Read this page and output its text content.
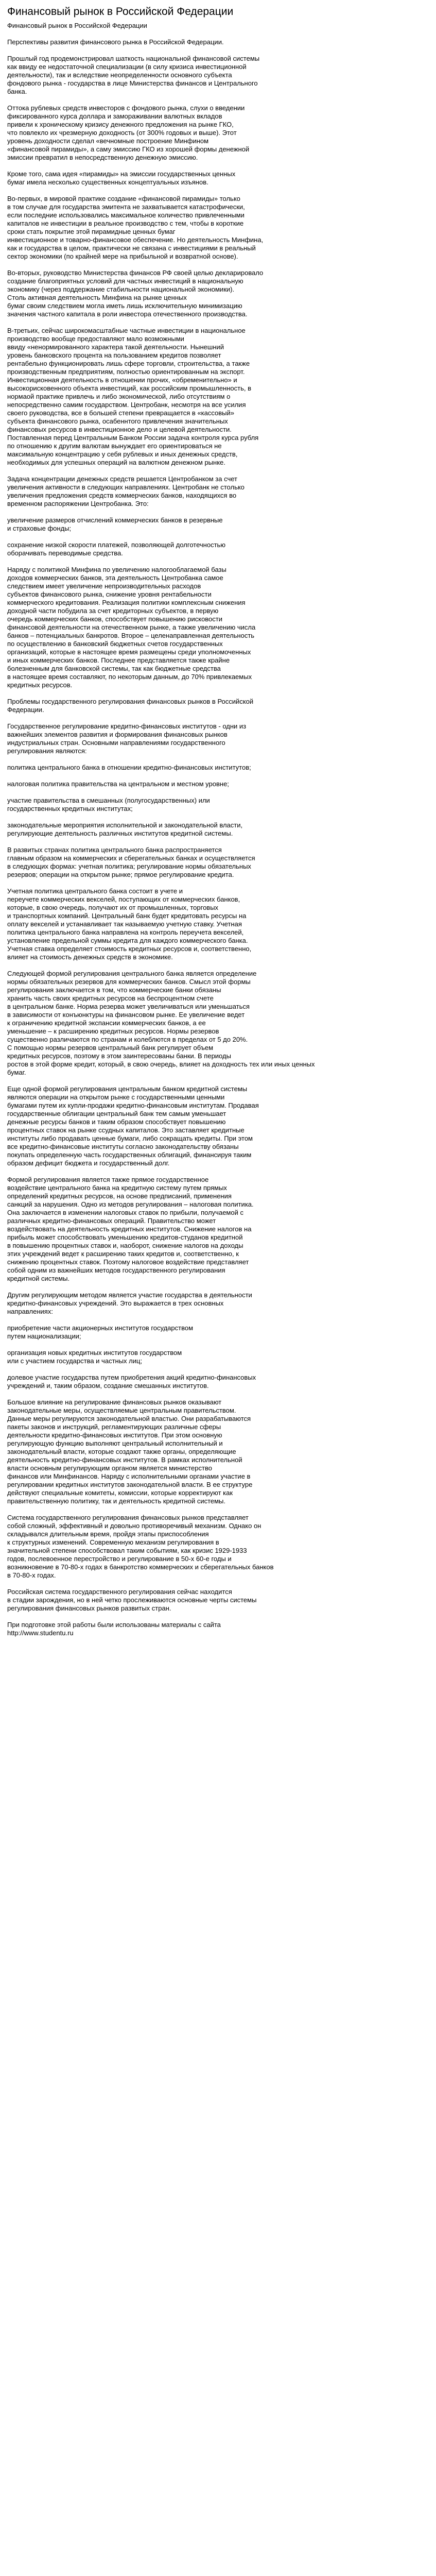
Финансовый рынок в Российской Федерации
Финансовый рынок в Российской Федерации
Перспективы развития финансового рынка в Российской Федерации.
Прошлый год продемонстрировал шаткость национальной финансовой системы
как ввиду ее недостаточной специализации (в силу кризиса инвестиционной
деятельности), так и вследствие неопределенности основного субъекта
фондового рынка - государства в лице Министерства финансов и Центрального
банка.
Оттока рублевых средств инвесторов с фондового рынка, слухи о введении
фиксированного курса доллара и замораживании валютных вкладов
привели к хроническому кризису денежного предложения на рынке ГКО,
что повлекло их чрезмерную доходность (от 300% годовых и выше). Этот
уровень доходности сделал «вечномные построение Минфином
«финансовой пирамиды», а саму эмиссию ГКО из хорошей формы денежной
эмиссии превратил в непосредственную денежную эмиссию.
Кроме того, сама идея «пирамиды» на эмиссии государственных ценных
бумаг имела несколько существенных концептуальных изъянов.
Во-первых, в мировой практике создание «финансовой пирамиды» только
в том случае для государства эмитента не захватывается катастрофически,
если последние использовались максимальное количество привлеченными
капиталов не инвестиции в реальное производство с тем, чтобы в короткие
сроки стать покрытие этой пирамидные ценных бумаг
инвестиционное и товарно-финансовое обеспечение. Но деятельность Минфина,
как и государства в целом, практически не связана с инвестициями в реальный
сектор экономики (по крайней мере на прибыльной и возвратной основе).
Во-вторых, руководство Министерства финансов РФ своей целью декларировало
создание благоприятных условий для частных инвестиций в национальную
экономику (через поддержание стабильности национальной экономики).
Столь активная деятельность Минфина на рынке ценных
бумаг своим следствием могла иметь лишь исключительную минимизацию
значения частного капитала в роли инвестора отечественного производства.
В-третьих, сейчас широкомасштабные частные инвестиции в национальное
производство вообще предоставляют мало возможными
ввиду «ненормированного характера такой деятельности. Нынешний
уровень банковского процента на пользованием кредитов позволяет
рентабельно функционировать лишь сфере торговли, строительства, а также
производственным предприятиям, полностью ориентированным на экспорт.
Инвестиционная деятельность в отношении прочих, «обременительно» и
высокорисковенного объекта инвестиций, как российским промышленность, в
нормаой практике привлечь и либо экономической, либо отсутствиям о
непосредственно самим государством. Центробанк, несмотря на все усилия
своего руководства, все в большей степени превращается в «кассовый»
субъекта финансового рынка, осабеннтого привлечения значительных
финансовых ресурсов в инвестиционное дело и целевой деятельности.
Поставленная перед Центральным Банком России задача контроля курса рубля
по отношению к другим валютам вынуждает его ориентироваться не
максимальную концентрацию у себя рублевых и иных денежных средств,
необходимых для успешных операций на валютном денежном рынке.
Задача концентрации денежных средств решается Центробанком за счет
увеличения активности в следующих направлениях. Центробанк не столько
увеличения предложения средств коммерческих банков, находящихся во
временном распоряжении Центробанка. Это:
увеличение размеров отчислений коммерческих банков в резервные
и страховые фонды;
сохранение низкой скорости платежей, позволяющей долготечностью
оборачивать переводимые средства.
Наряду с политикой Минфина по увеличению налогооблагаемой базы
доходов коммерческих банков, эта деятельность Центробанка самое
следствием имеет увеличение непроизводительных расходов
субъектов финансового рынка, снижение уровня рентабельности
коммерческого кредитования. Реализация политики комплексным снижения
доходной части побудила за счет кредиторных субъектов, в первую
очередь коммерческих банков, способствует повышению рисковости
финансовой деятельности на отечественном рынке, а также увеличению числа
банков – потенциальных банкротов. Второе – целенаправленная деятельность
по осуществлению в банковский бюджетных счетов государственных
организаций, которые в настоящее время размещены среди уполномоченных
и иных коммерческих банков. Последнее представляется также крайне
болезненным для банковской системы, так как бюджетные средства
в настоящее время составляют, по некоторым данным, до 70% привлекаемых
кредитных ресурсов.
Проблемы государственного регулирования финансовых рынков в Российской
Федерации.
Государственное регулирование кредитно-финансовых институтов - одни из
важнейших элементов развития и формирования финансовых рынков
индустриальных стран. Основными направлениями государственного
регулирования являются:
политика центрального банка в отношении кредитно-финансовых институтов;
налоговая политика правительства на центральном и местном уровне;
участие правительства в смешанных (полугосударственных) или
государственных кредитных институтах;
законодательные мероприятия исполнительной и законодательной власти,
регулирующие деятельность различных институтов кредитной системы.
В развитых странах политика центрального банка распространяется
главным образом на коммерческих и сберегательных банках и осуществляется
в следующих формах: учетная политика; регулирование нормы обязательных
резервов; операции на открытом рынке; прямое регулирование кредита.
Учетная политика центрального банка состоит в учете и
переучете коммерческих векселей, поступающих от коммерческих банков,
которые, в свою очередь, получают их от промышленных, торговых
и транспортных компаний. Центральный банк будет кредитовать ресурсы на
оплату векселей и устанавливает так называемую учетную ставку. Учетная
политика центрального банка направлена на контроль переучета векселей,
установление предельной суммы кредита для каждого коммерческого банка.
Учетная ставка определяет стоимость кредитных ресурсов и, соответственно,
влияет на стоимость денежных средств в экономике.
Следующей формой регулирования центрального банка является определение
нормы обязательных резервов для коммерческих банков. Смысл этой формы
регулирования заключается в том, что коммерческие банки обязаны
хранить часть своих кредитных ресурсов на беспроцентном счете
в центральном банке. Норма резерва может увеличиваться или уменьшаться
в зависимости от конъюнктуры на финансовом рынке. Ее увеличение ведет
к ограничению кредитной экспансии коммерческих банков, а ее
уменьшение – к расширению кредитных ресурсов. Нормы резервов
существенно различаются по странам и колеблются в пределах от 5 до 20%.
С помощью нормы резервов центральный банк регулирует объем
кредитных ресурсов, поэтому в этом заинтересованы банки. В периоды
ростов в этой форме кредит, который, в свою очередь, влияет на доходность тех или иных ценных
бумаг.
Еще одной формой регулирования центральным банком кредитной системы
являются операции на открытом рынке с государственными ценными
бумагами путем их купли-продажи кредитно-финансовым институтам. Продавая
государственные облигации центральный банк тем самым уменьшает
денежные ресурсы банков и таким образом способствует повышению
процентных ставок на рынке ссудных капиталов. Это заставляет кредитные
институты либо продавать ценные бумаги, либо сокращать кредиты. При этом
все кредитно-финансовые институты согласно законодательству обязаны
покупать определенную часть государственных облигаций, финансируя таким
образом дефицит бюджета и государственный долг.
Формой регулирования является также прямое государственное
воздействие центрального банка на кредитную систему путем прямых
определений кредитных ресурсов, на основе предписаний, применения
санкций за нарушения. Одно из методов регулирования – налоговая политика.
Она заключается в изменении налоговых ставок по прибыли, получаемой с
различных кредитно-финансовых операций. Правительство может
воздействовать на деятельность кредитных институтов. Снижение налогов на
прибыль может способствовать уменьшению кредитов-студанов кредитной
в повышению процентных ставок и, наоборот, снижение налогов на доходы
этих учреждений ведет к расширению таких кредитов и, соответственно, к
снижению процентных ставок. Поэтому налоговое воздействие представляет
собой одним из важнейших методов государственного регулирования
кредитной системы.
Другим регулирующим методом является участие государства в деятельности
кредитно-финансовых учреждений. Это выражается в трех основных
направлениях:
приобретение части акционерных институтов государством
путем национализации;
организация новых кредитных институтов государством
или с участием государства и частных лиц;
долевое участие государства путем приобретения акций кредитно-финансовых
учреждений и, таким образом, создание смешанных институтов.
Большое влияние на регулирование финансовых рынков оказывают
законодательные меры, осуществляемые центральным правительством.
Данные меры регулируются законодательной властью. Они разрабатываются
пакеты законов и инструкций, регламентирующих различные сферы
деятельности кредитно-финансовых институтов. При этом основную
регулирующую функцию выполняют центральный исполнительный и
законодательный власти, которые создают также органы, определяющие
деятельность кредитно-финансовых институтов. В рамках исполнительной
власти основным регулирующим органом является министерство
финансов или Минфинансов. Наряду с исполнительными органами участие в
регулировании кредитных институтов законодательной власти. В ее структуре
действуют специальные комитеты, комиссии, которые корректируют как
правительственную политику, так и деятельность кредитной системы.
Система государственного регулирования финансовых рынков представляет
собой сложный, эффективный и довольно противоречивый механизм. Однако он
складывался длительным время, пройдя этапы приспособления
к структурных изменений. Современную механизм регулирования в
значительной степени способствовал таким событиям, как кризис 1929-1933
годов, послевоенное перестройство и регулирование в 50-х 60-е годы и
возникновение в 70-80-х годах в банкротство коммерческих и сберегательных банков
в 70-80-х годах.
Российская система государственного регулирования сейчас находится
в стадии зарождения, но в ней четко прослеживаются основные черты системы
регулирования финансовых рынков развитых стран.
При подготовке этой работы были использованы материалы с сайта
http://www.studentu.ru
